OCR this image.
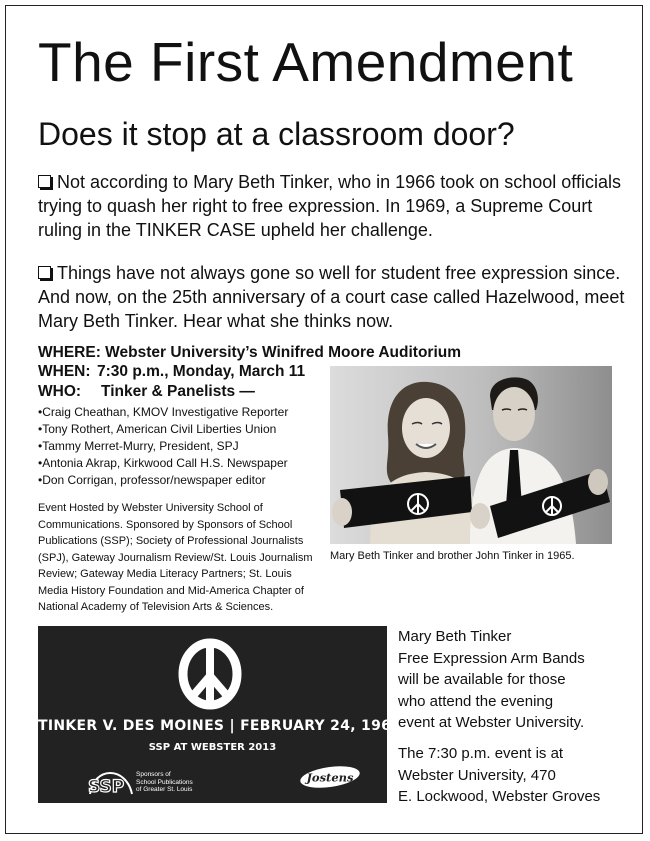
The First Amendment
Does it stop at a classroom door?

Not according to Mary Beth Tinker, who in 1966 took on school officials trying to quash her right to free expression. In 1969, a Supreme Court ruling in the TINKER CASE upheld her challenge.

Things have not always gone so well for student free expression since. And now, on the 25th anniversary of a court case called Hazelwood, meet Mary Beth Tinker. Hear what she thinks now.

WHERE: Webster University’s Winifred Moore Auditorium
WHEN: 7:30 p.m., Monday, March 11
WHO: Tinker & Panelists —
•Craig Cheathan, KMOV Investigative Reporter
•Tony Rothert, American Civil Liberties Union
•Tammy Merret-Murry, President, SPJ
•Antonia Akrap, Kirkwood Call H.S. Newspaper
•Don Corrigan, professor/newspaper editor

Event Hosted by Webster University School of Communications. Sponsored by Sponsors of School Publications (SSP); Society of Professional Journalists (SPJ), Gateway Journalism Review/St. Louis Journalism Review; Gateway Media Literacy Partners; St. Louis Media History Foundation and Mid-America Chapter of National Academy of Television Arts & Sciences.

Mary Beth Tinker and brother John Tinker in 1965.
TINKER V. DES MOINES | FEBRUARY 24, 1969
SSP AT WEBSTER 2013
SSP
Sponsors of
School Publications
of Greater St. Louis
Jostens
Mary Beth Tinker
Free Expression Arm Bands
will be available for those
who attend the evening
event at Webster University.
The 7:30 p.m. event is at
Webster University, 470
E. Lockwood, Webster Groves
